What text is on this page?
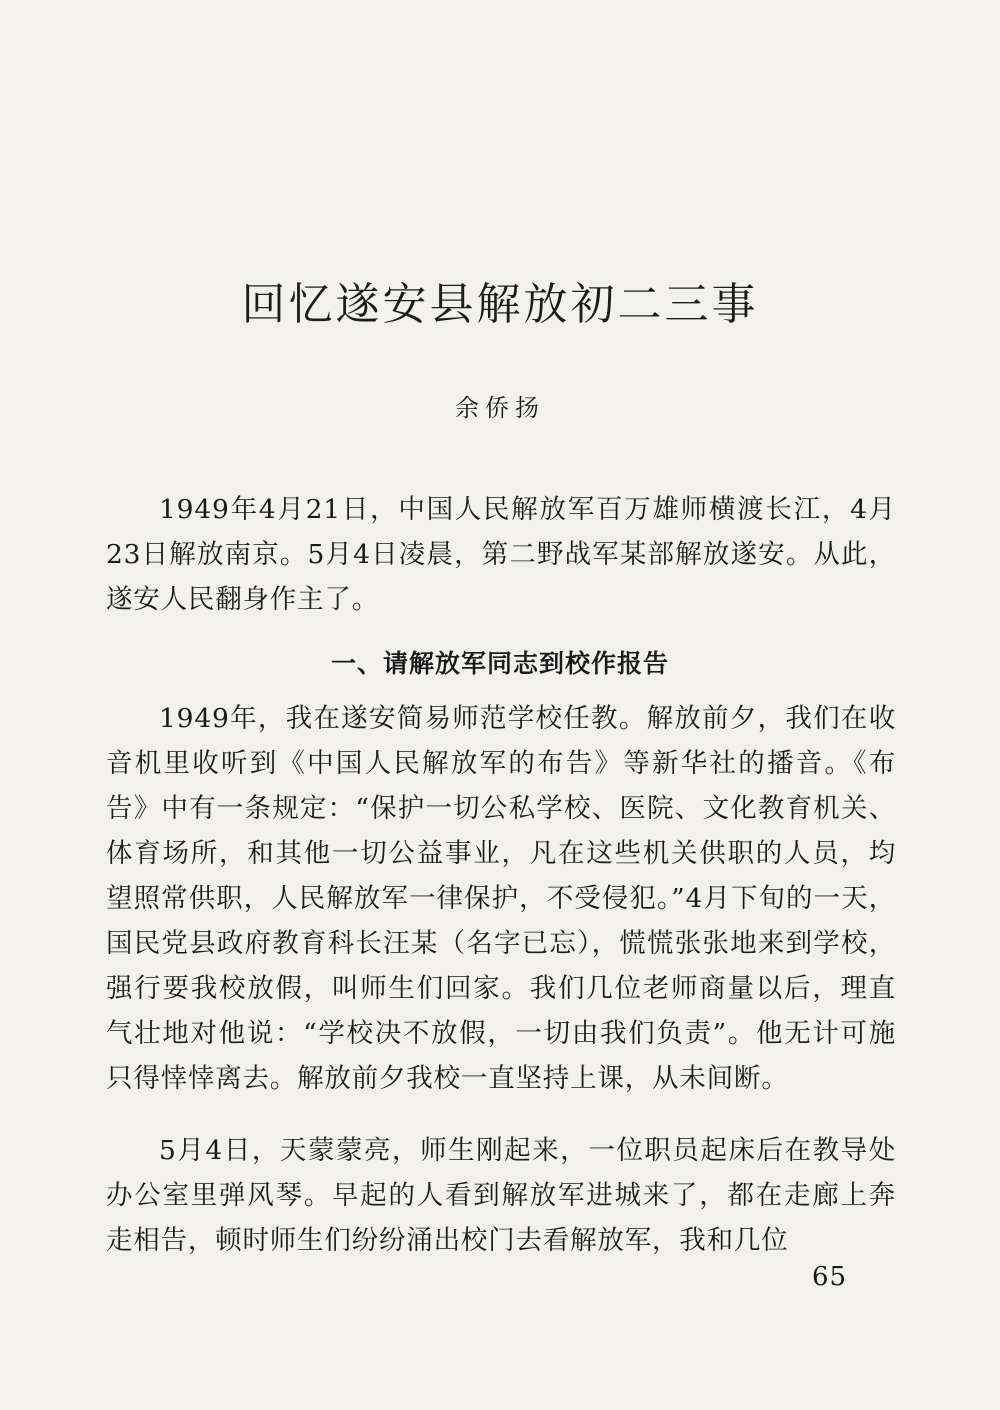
回忆遂安县解放初二三事
余侨扬

1949年4月21日，中国人民解放军百万雄师横渡长江，4月23日解放南京。5月4日凌晨，第二野战军某部解放遂安。从此，遂安人民翻身作主了。

一、请解放军同志到校作报告

1949年，我在遂安简易师范学校任教。解放前夕，我们在收音机里收听到《中国人民解放军的布告》等新华社的播音。《布告》中有一条规定：“保护一切公私学校、医院、文化教育机关、体育场所，和其他一切公益事业，凡在这些机关供职的人员，均望照常供职，人民解放军一律保护，不受侵犯。”4月下旬的一天，国民党县政府教育科长汪某（名字已忘），慌慌张张地来到学校，强行要我校放假，叫师生们回家。我们几位老师商量以后，理直气壮地对他说：“学校决不放假，一切由我们负责”。他无计可施只得悻悻离去。解放前夕我校一直坚持上课，从未间断。

5月4日，天蒙蒙亮，师生刚起来，一位职员起床后在教导处办公室里弹风琴。早起的人看到解放军进城来了，都在走廊上奔走相告，顿时师生们纷纷涌出校门去看解放军，我和几位

65
